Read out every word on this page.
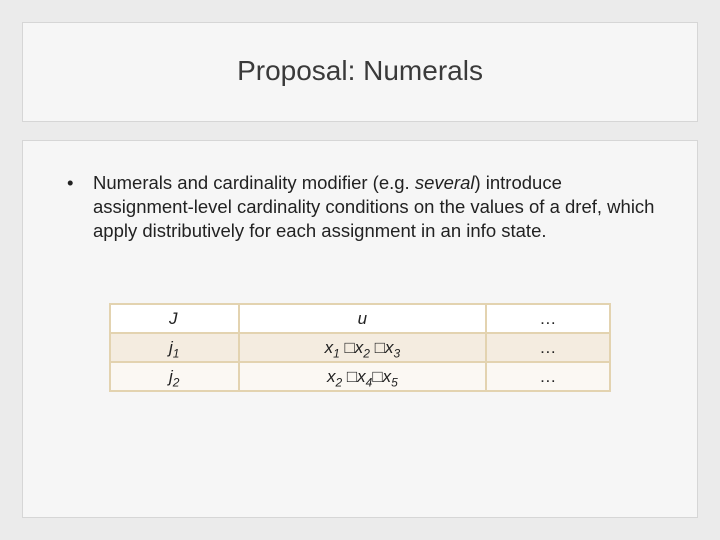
Proposal: Numerals
•	Numerals and cardinality modifier (e.g. several) introduce assignment-level cardinality conditions on the values of a dref, which apply distributively for each assignment in an info state.
J	u	…
$j_1$	$x_1$ $□x_2$ $□x_3$	…
$j_2$	$x_2$ $□x_4□x_5$	…
